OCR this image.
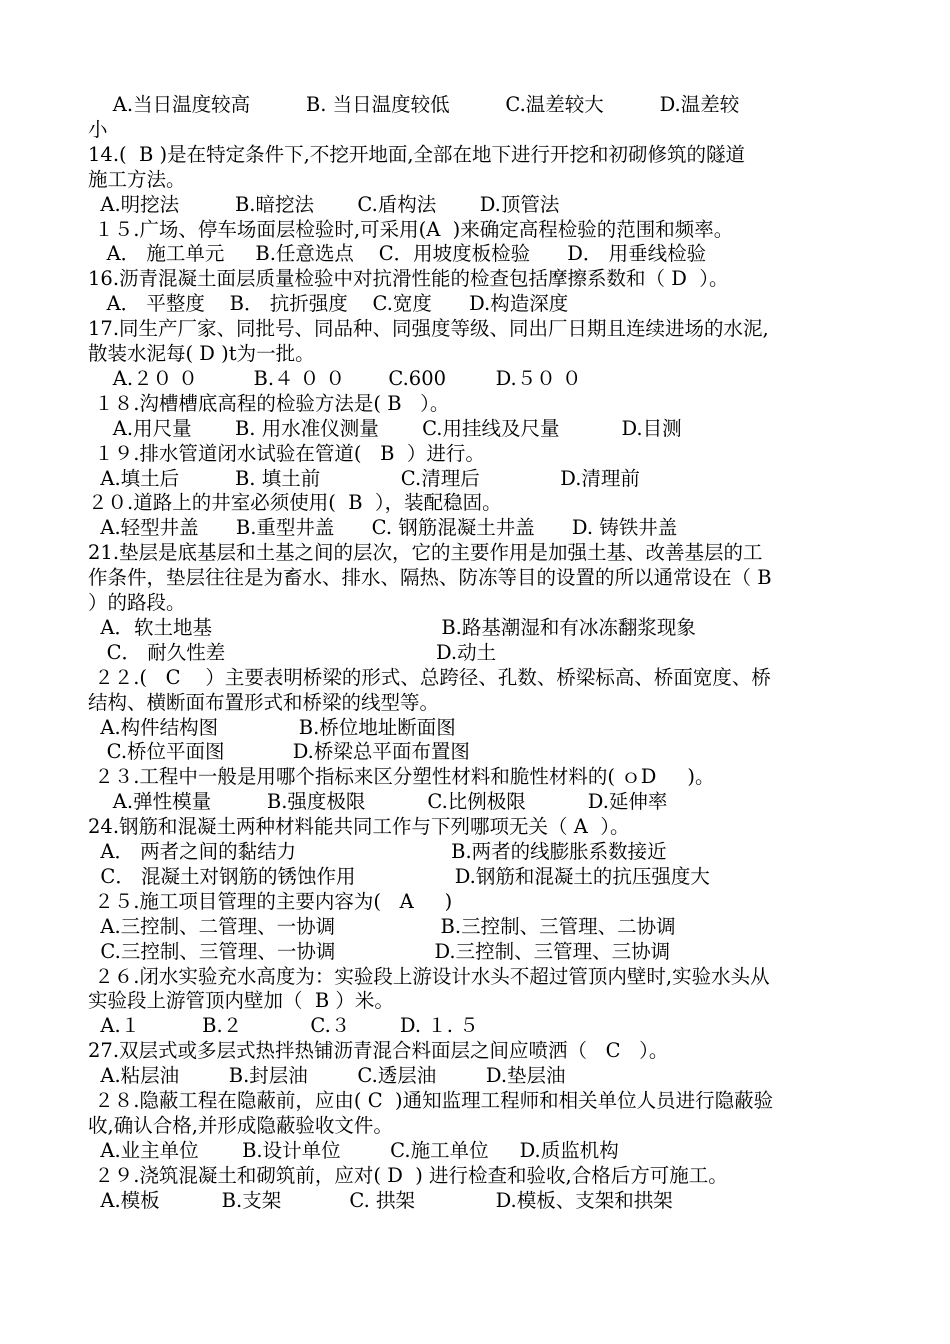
A.当日温度较高         B. 当日温度较低         C.温差较大         D.温差较
小
14.(  B )是在特定条件下,不挖开地面,全部在地下进行开挖和初砌修筑的隧道
施工方法。
A.明挖法         B.暗挖法       C.盾构法       D.顶管法
１５.广场、停车场面层检验时,可采用(A  )来确定高程检验的范围和频率。
A． 施工单元     B.任意选点    C．用坡度板检验      D． 用垂线检验
16.沥青混凝土面层质量检验中对抗滑性能的检查包括摩擦系数和（ D  ）。
A． 平整度    B． 抗折强度    C.宽度      D.构造深度
17.同生产厂家、同批号、同品种、同强度等级、同出厂日期且连续进场的水泥,
散装水泥每( D )t为一批。
A.２０ ０         B.４ ０ ０       C.600        D.５０ ０
１８.沟槽槽底高程的检验方法是( B   ）。
A.用尺量       B. 用水准仪测量       C.用挂线及尺量          D.目测
１９.排水管道闭水试验在管道(   B  ）进行。
A.填土后         B. 填土前             C.清理后             D.清理前
２０.道路上的井室必须使用(  B  ），装配稳固。
A.轻型井盖      B.重型井盖      C. 钢筋混凝土井盖      D. 铸铁井盖
21.垫层是底基层和土基之间的层次，它的主要作用是加强土基、改善基层的工
作条件，垫层往往是为畜水、排水、隔热、防冻等目的设置的所以通常设在（ B
）的路段。
A．软土地基                                     B.路基潮湿和有冰冻翻浆现象
C． 耐久性差                                  D.动土
２２.(   C    ）主要表明桥梁的形式、总跨径、孔数、桥梁标高、桥面宽度、桥
结构、横断面布置形式和桥梁的线型等。
A.构件结构图             B.桥位地址断面图
C.桥位平面图           D.桥梁总平面布置图
２３.工程中一般是用哪个指标来区分塑性材料和脆性材料的( ｏD     )。
A.弹性模量         B.强度极限          C.比例极限          D.延伸率
24.钢筋和混凝土两种材料能共同工作与下列哪项无关（ A  ）。
A． 两者之间的黏结力                         B.两者的线膨胀系数接近
C． 混凝土对钢筋的锈蚀作用                D.钢筋和混凝土的抗压强度大
２５.施工项目管理的主要内容为(   A     )
A.三控制、二管理、一协调                 B.三控制、三管理、二协调
C.三控制、三管理、一协调                D.三控制、三管理、三协调
２６.闭水实验充水高度为：实验段上游设计水头不超过管顶内壁时,实验水头从
实验段上游管顶内壁加（  B ）米。
A.１          B.２           C.３        D. １. ５
27.双层式或多层式热拌热铺沥青混合料面层之间应喷洒（   C   ）。
A.粘层油        B.封层油        C.透层油        D.垫层油
２８.隐蔽工程在隐蔽前，应由( C  )通知监理工程师和相关单位人员进行隐蔽验
收,确认合格,并形成隐蔽验收文件。
A.业主单位       B.设计单位        C.施工单位     D.质监机构
２９.浇筑混凝土和砌筑前，应对( D  ) 进行检查和验收,合格后方可施工。
A.模板          B.支架           C. 拱架             D.模板、支架和拱架
